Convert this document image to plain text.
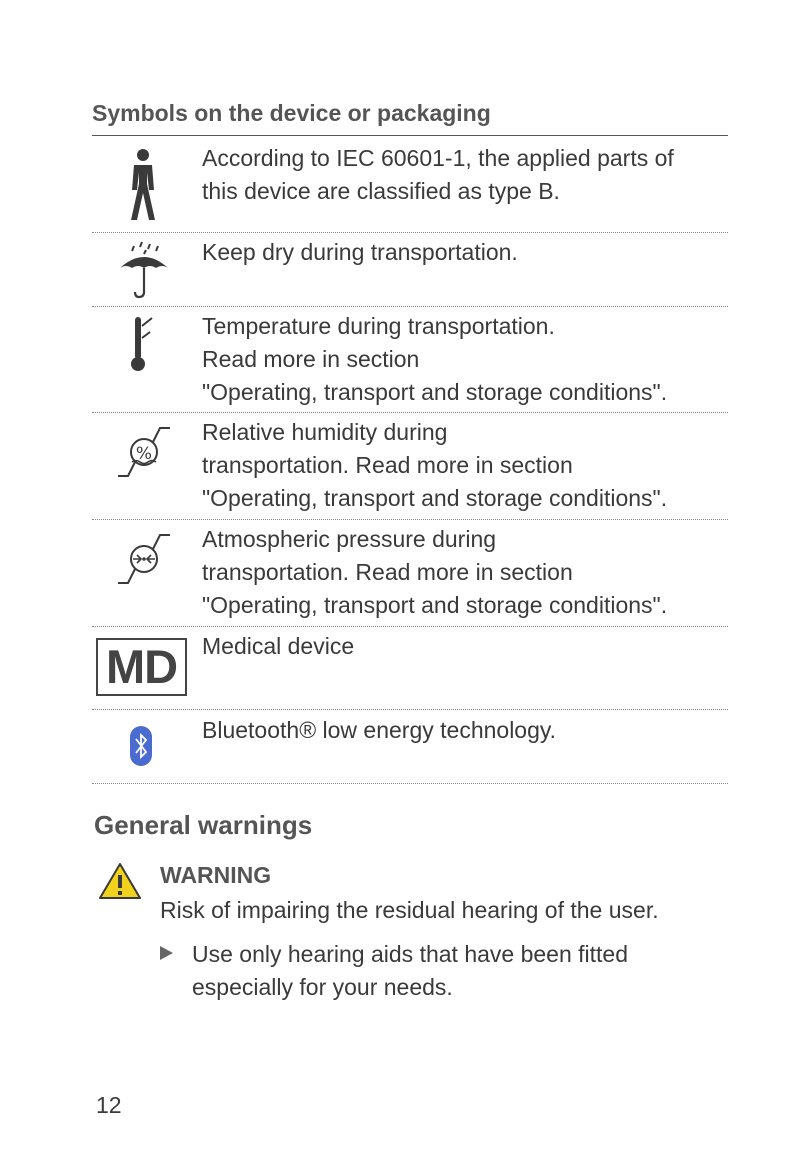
Symbols on the device or packaging
According to IEC 60601-1, the applied parts of
this device are classified as type B.
Keep dry during transportation.
Temperature during transportation.
Read more in section
"Operating, transport and storage conditions".
%
Relative humidity during
transportation. Read more in section
"Operating, transport and storage conditions".
Atmospheric pressure during
transportation. Read more in section
"Operating, transport and storage conditions".
MD	Medical device
Bluetooth® low energy technology.
General warnings
WARNING
Risk of impairing the residual hearing of the user.
Use only hearing aids that have been fitted
especially for your needs.
12
